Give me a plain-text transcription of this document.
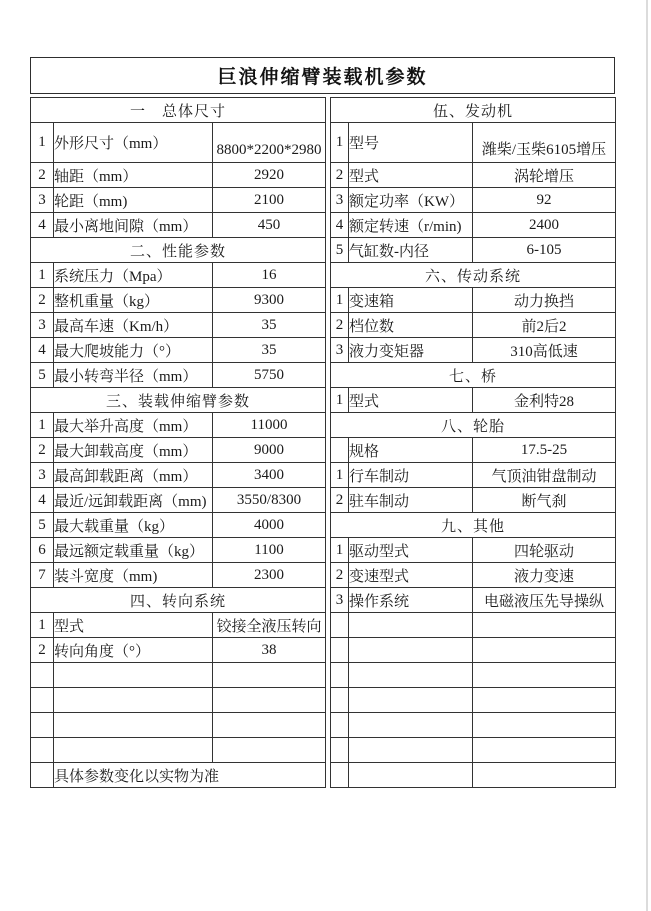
巨浪伸缩臂装载机参数
一　总体尺寸		
1	外形尺寸（mm）	8800*2200*2980
2	轴距（mm）	2920
3	轮距（mm)	2100
4	最小离地间隙（mm）	450
二、性能参数		
1	系统压力（Mpa）	16
2	整机重量（kg）	9300
3	最高车速（Km/h）	35
4	最大爬坡能力（°）	35
5	最小转弯半径（mm）	5750
三、装载伸缩臂参数		
1	最大举升高度（mm）	11000
2	最大卸载高度（mm）	9000
3	最高卸载距离（mm）	3400
4	最近/远卸载距离（mm)	3550/8300
5	最大载重量（kg）	4000
6	最远额定载重量（kg）	1100
7	装斗宽度（mm)	2300
四、转向系统		
1	型式	铰接全液压转向
2	转向角度（°）	38

	具体参数变化以实物为准	
伍、发动机		
1	型号	潍柴/玉柴6105增压
2	型式	涡轮增压
3	额定功率（KW）	92
4	额定转速（r/min)	2400
5	气缸数-内径	6-105
六、传动系统		
1	变速箱	动力换挡
2	档位数	前2后2
3	液力变矩器	310高低速
七、桥		
1	型式	金利特28
八、轮胎		
	规格	17.5-25
1	行车制动	气顶油钳盘制动
2	驻车制动	断气刹
九、其他		
1	驱动型式	四轮驱动
2	变速型式	液力变速
3	操作系统	电磁液压先导操纵
